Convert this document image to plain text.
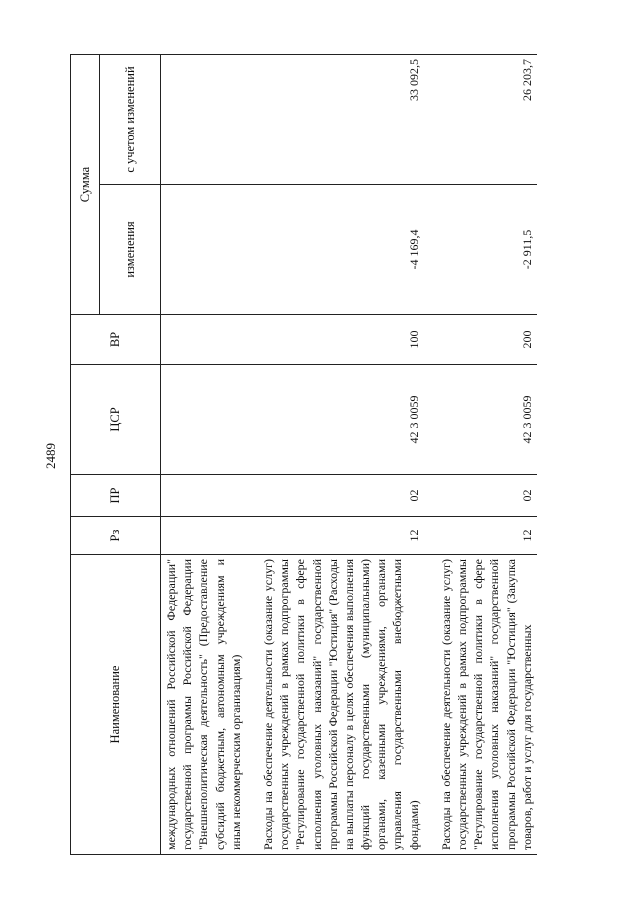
2489
Наименование	Рз	ПР	ЦСР	ВР	Сумма	
					изменения	с учетом изменений
международных отношений Российской Федерации" государственной программы Российской Федерации "Внешнеполитическая деятельность" (Предоставление субсидий бюджетным, автономным учреждениям и иным некоммерческим организациям)						

Расходы на обеспечение деятельности (оказание услуг) государственных учреждений в рамках подпрограммы "Регулирование государственной политики в сфере исполнения уголовных наказаний" государственной программы Российской Федерации "Юстиция" (Расходы на выплаты персоналу в целях обеспечения выполнения функций государственными (муниципальными) органами, казенными учреждениями, органами управления государственными внебюджетными фондами)	12	02	42 3 0059	100	-4 169,4	33 092,5

Расходы на обеспечение деятельности (оказание услуг) государственных учреждений в рамках подпрограммы "Регулирование государственной политики в сфере исполнения уголовных наказаний" государственной программы Российской Федерации "Юстиция" (Закупка товаров, работ и услуг для государственных	12	02	42 3 0059	200	-2 911,5	26 203,7
